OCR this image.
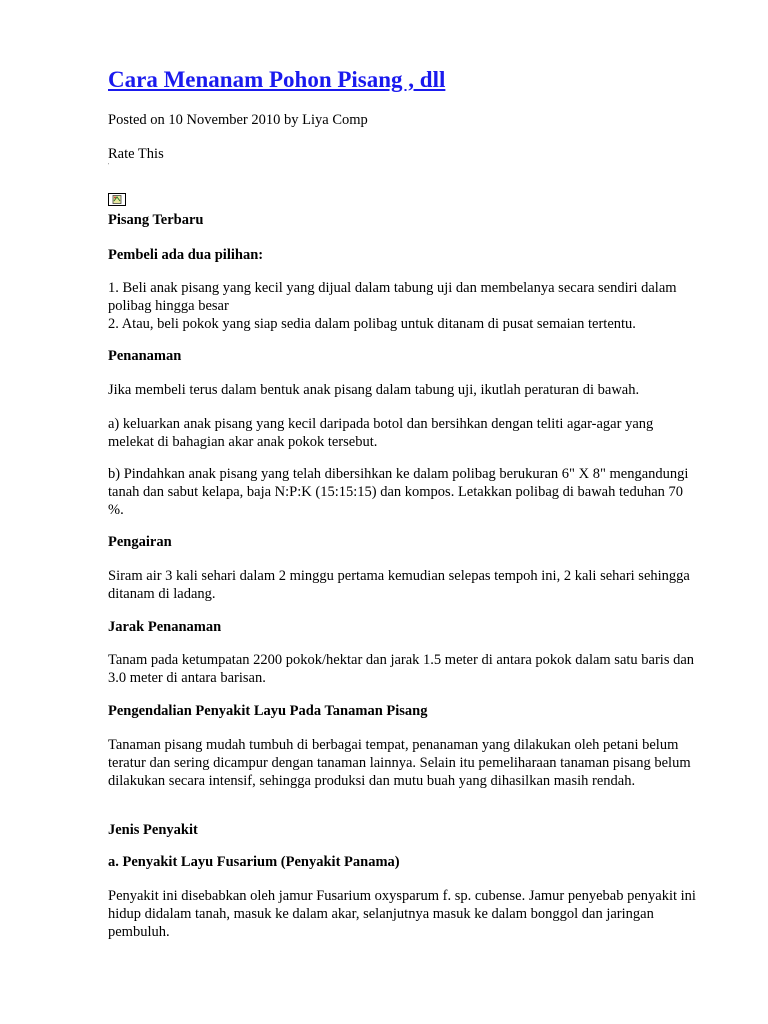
Cara Menanam Pohon Pisang , dll

Posted on 10 November 2010 by Liya Comp

Rate This

'

Pisang Terbaru

Pembeli ada dua pilihan:

1. Beli anak pisang yang kecil yang dijual dalam tabung uji dan membelanya secara sendiri dalam polibag hingga besar

2. Atau, beli pokok yang siap sedia dalam polibag untuk ditanam di pusat semaian tertentu.

Penanaman

Jika membeli terus dalam bentuk anak pisang dalam tabung uji, ikutlah peraturan di bawah.

a) keluarkan anak pisang yang kecil daripada botol dan bersihkan dengan teliti agar-agar yang melekat di bahagian akar anak pokok tersebut.

b) Pindahkan anak pisang yang telah dibersihkan ke dalam polibag berukuran 6" X 8" mengandungi tanah dan sabut kelapa, baja N:P:K (15:15:15) dan kompos. Letakkan polibag di bawah teduhan 70 %.

Pengairan

Siram air 3 kali sehari dalam 2 minggu pertama kemudian selepas tempoh ini, 2 kali sehari sehingga ditanam di ladang.

Jarak Penanaman

Tanam pada ketumpatan 2200 pokok/hektar dan jarak 1.5 meter di antara pokok dalam satu baris dan 3.0 meter di antara barisan.

Pengendalian Penyakit Layu Pada Tanaman Pisang

Tanaman pisang mudah tumbuh di berbagai tempat, penanaman yang dilakukan oleh petani belum teratur dan sering dicampur dengan tanaman lainnya. Selain itu pemeliharaan tanaman pisang belum dilakukan secara intensif, sehingga produksi dan mutu buah yang dihasilkan masih rendah.

Jenis Penyakit

a. Penyakit Layu Fusarium (Penyakit Panama)

Penyakit ini disebabkan oleh jamur Fusarium oxysparum f. sp. cubense. Jamur penyebab penyakit ini hidup didalam tanah, masuk ke dalam akar, selanjutnya masuk ke dalam bonggol dan jaringan pembuluh.
